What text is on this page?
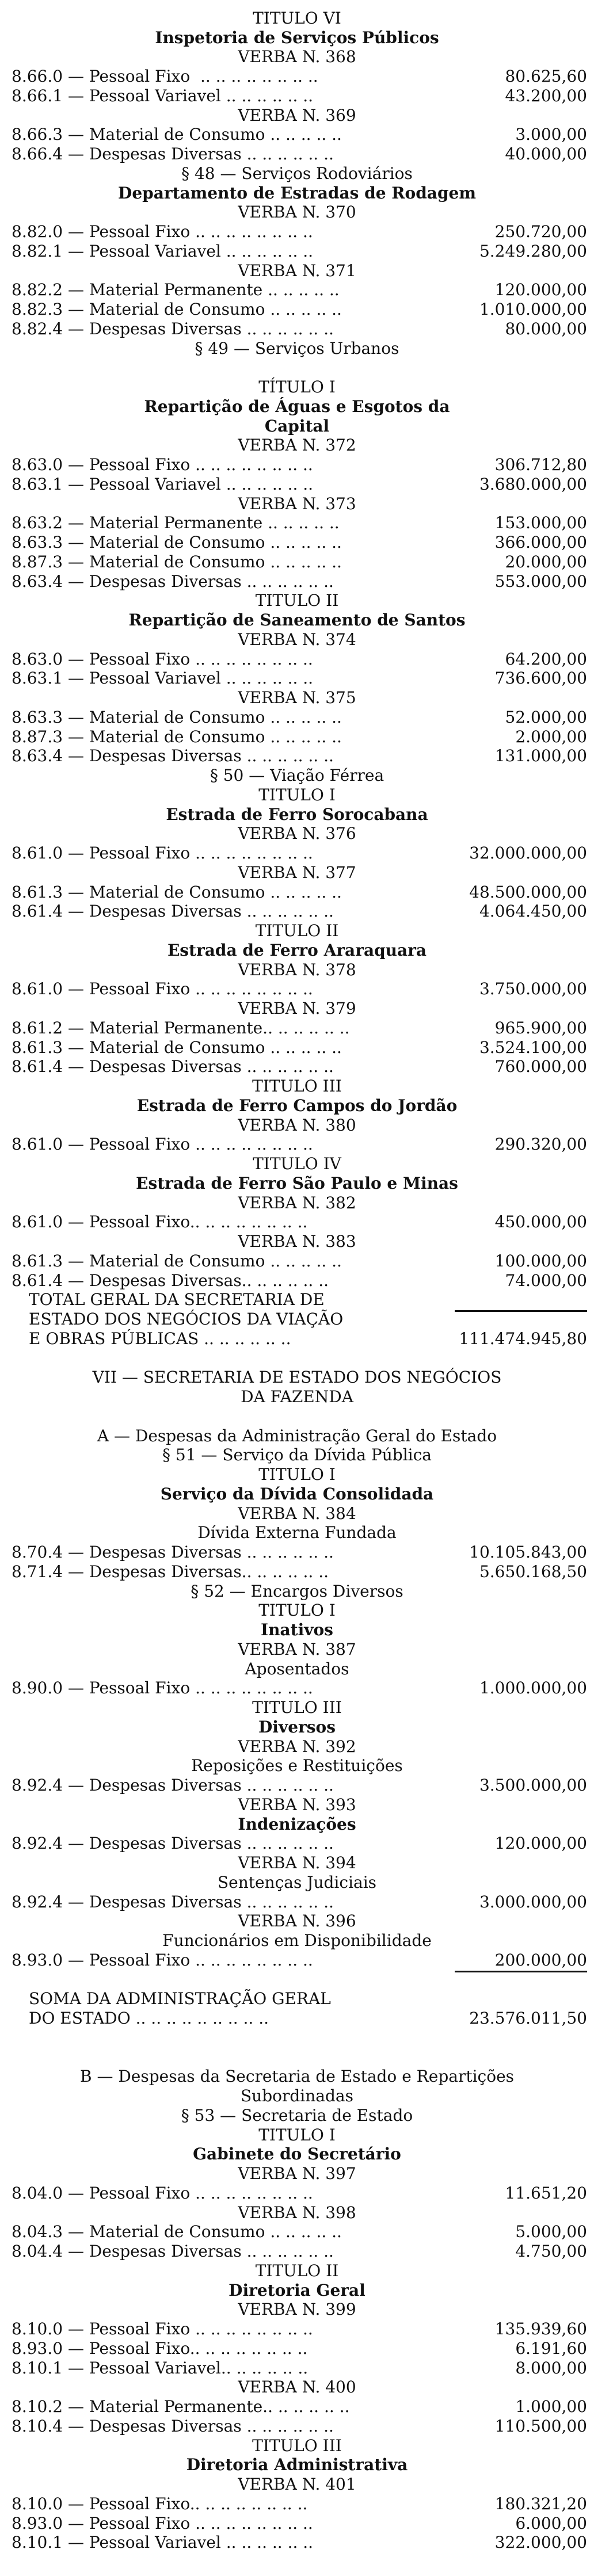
TITULO VI
Inspetoria de Serviços Públicos
VERBA N. 368
8.66.0 — Pessoal Fixo  .. .. .. .. .. .. .. ..	80.625,60
8.66.1 — Pessoal Variavel .. .. .. .. .. ..	43.200,00
VERBA N. 369
8.66.3 — Material de Consumo .. .. .. .. ..	3.000,00
8.66.4 — Despesas Diversas .. .. .. .. .. ..	40.000,00
§ 48 — Serviços Rodoviários
Departamento de Estradas de Rodagem
VERBA N. 370
8.82.0 — Pessoal Fixo .. .. .. .. .. .. .. ..	250.720,00
8.82.1 — Pessoal Variavel .. .. .. .. .. ..	5.249.280,00
VERBA N. 371
8.82.2 — Material Permanente .. .. .. .. ..	120.000,00
8.82.3 — Material de Consumo .. .. .. .. ..	1.010.000,00
8.82.4 — Despesas Diversas .. .. .. .. .. ..	80.000,00
§ 49 — Serviços Urbanos
TÍTULO I
Repartição de Águas e Esgotos da
Capital
VERBA N. 372
8.63.0 — Pessoal Fixo .. .. .. .. .. .. .. ..	306.712,80
8.63.1 — Pessoal Variavel .. .. .. .. .. ..	3.680.000,00
VERBA N. 373
8.63.2 — Material Permanente .. .. .. .. ..	153.000,00
8.63.3 — Material de Consumo .. .. .. .. ..	366.000,00
8.87.3 — Material de Consumo .. .. .. .. ..	20.000,00
8.63.4 — Despesas Diversas .. .. .. .. .. ..	553.000,00
TITULO II
Repartição de Saneamento de Santos
VERBA N. 374
8.63.0 — Pessoal Fixo .. .. .. .. .. .. .. ..	64.200,00
8.63.1 — Pessoal Variavel .. .. .. .. .. ..	736.600,00
VERBA N. 375
8.63.3 — Material de Consumo .. .. .. .. ..	52.000,00
8.87.3 — Material de Consumo .. .. .. .. ..	2.000,00
8.63.4 — Despesas Diversas .. .. .. .. .. ..	131.000,00
§ 50 — Viação Férrea
TITULO I
Estrada de Ferro Sorocabana
VERBA N. 376
8.61.0 — Pessoal Fixo .. .. .. .. .. .. .. ..	32.000.000,00
VERBA N. 377
8.61.3 — Material de Consumo .. .. .. .. ..	48.500.000,00
8.61.4 — Despesas Diversas .. .. .. .. .. ..	4.064.450,00
TITULO II
Estrada de Ferro Araraquara
VERBA N. 378
8.61.0 — Pessoal Fixo .. .. .. .. .. .. .. ..	3.750.000,00
VERBA N. 379
8.61.2 — Material Permanente.. .. .. .. .. ..	965.900,00
8.61.3 — Material de Consumo .. .. .. .. ..	3.524.100,00
8.61.4 — Despesas Diversas .. .. .. .. .. ..	760.000,00
TITULO III
Estrada de Ferro Campos do Jordão
VERBA N. 380
8.61.0 — Pessoal Fixo .. .. .. .. .. .. .. ..	290.320,00
TITULO IV
Estrada de Ferro São Paulo e Minas
VERBA N. 382
8.61.0 — Pessoal Fixo.. .. .. .. .. .. .. ..	450.000,00
VERBA N. 383
8.61.3 — Material de Consumo .. .. .. .. ..	100.000,00
8.61.4 — Despesas Diversas.. .. .. .. .. ..	74.000,00
TOTAL GERAL DA SECRETARIA DE
ESTADO DOS NEGÓCIOS DA VIAÇÃO
E OBRAS PÚBLICAS .. .. .. .. .. ..	111.474.945,80
VII — SECRETARIA DE ESTADO DOS NEGÓCIOS
DA FAZENDA
A — Despesas da Administração Geral do Estado
§ 51 — Serviço da Dívida Pública
TITULO I
Serviço da Dívida Consolidada
VERBA N. 384
Dívida Externa Fundada
8.70.4 — Despesas Diversas .. .. .. .. .. ..	10.105.843,00
8.71.4 — Despesas Diversas.. .. .. .. .. ..	5.650.168,50
§ 52 — Encargos Diversos
TITULO I
Inativos
VERBA N. 387
Aposentados
8.90.0 — Pessoal Fixo .. .. .. .. .. .. .. ..	1.000.000,00
TITULO III
Diversos
VERBA N. 392
Reposições e Restituições
8.92.4 — Despesas Diversas .. .. .. .. .. ..	3.500.000,00
VERBA N. 393
Indenizações
8.92.4 — Despesas Diversas .. .. .. .. .. ..	120.000,00
VERBA N. 394
Sentenças Judiciais
8.92.4 — Despesas Diversas .. .. .. .. .. ..	3.000.000,00
VERBA N. 396
Funcionários em Disponibilidade
8.93.0 — Pessoal Fixo .. .. .. .. .. .. .. ..	200.000,00
SOMA DA ADMINISTRAÇÃO GERAL
DO ESTADO .. .. .. .. .. .. .. .. ..	23.576.011,50
B — Despesas da Secretaria de Estado e Repartições
Subordinadas
§ 53 — Secretaria de Estado
TITULO I
Gabinete do Secretário
VERBA N. 397
8.04.0 — Pessoal Fixo .. .. .. .. .. .. .. ..	11.651,20
VERBA N. 398
8.04.3 — Material de Consumo .. .. .. .. ..	5.000,00
8.04.4 — Despesas Diversas .. .. .. .. .. ..	4.750,00
TITULO II
Diretoria Geral
VERBA N. 399
8.10.0 — Pessoal Fixo .. .. .. .. .. .. .. ..	135.939,60
8.93.0 — Pessoal Fixo.. .. .. .. .. .. .. ..	6.191,60
8.10.1 — Pessoal Variavel.. .. .. .. .. ..	8.000,00
VERBA N. 400
8.10.2 — Material Permanente.. .. .. .. .. ..	1.000,00
8.10.4 — Despesas Diversas .. .. .. .. .. ..	110.500,00
TITULO III
Diretoria Administrativa
VERBA N. 401
8.10.0 — Pessoal Fixo.. .. .. .. .. .. .. ..	180.321,20
8.93.0 — Pessoal Fixo .. .. .. .. .. .. .. ..	6.000,00
8.10.1 — Pessoal Variavel .. .. .. .. .. ..	322.000,00
